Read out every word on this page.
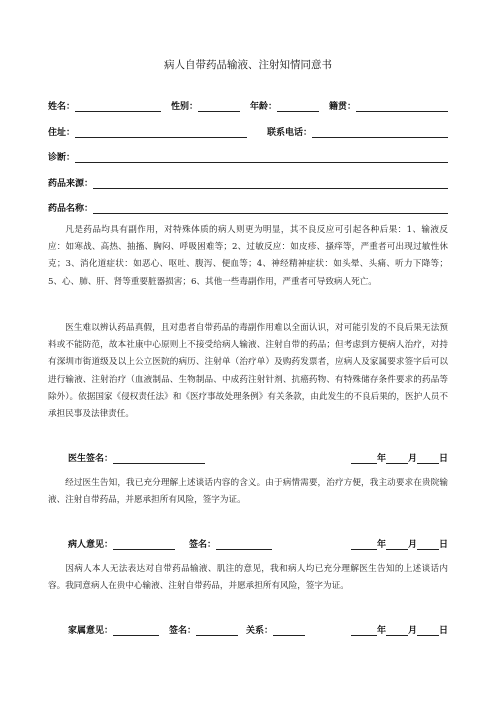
病人自带药品输液、注射知情同意书
姓名：	性别：	年龄：	籍贯：
住址：	联系电话：
诊断：
药品来源：
药品名称：

凡是药品均具有副作用，对特殊体质的病人则更为明显，其不良反应可引起各种后果：1、输液反应：如寒战、高热、抽搐、胸闷、呼吸困难等；2、过敏反应：如皮疹、搔痒等，严重者可出现过敏性休克；3、消化道症状：如恶心、呕吐、腹泻、便血等；4、神经精神症状：如头晕、头痛、听力下降等；5、心、肺、肝、肾等重要脏器损害；6、其他一些毒副作用，严重者可导致病人死亡。

医生难以辨认药品真假，且对患者自带药品的毒副作用难以全面认识，对可能引发的不良后果无法预料或不能防范，故本社康中心原则上不接受给病人输液、注射自带的药品；但考虑到方便病人治疗，对持有深圳市街道级及以上公立医院的病历、注射单（治疗单）及购药发票者，应病人及家属要求签字后可以进行输液、注射治疗（血液制品、生物制品、中成药注射针剂、抗癌药物、有特殊储存条件要求的药品等除外）。依据国家《侵权责任法》和《医疗事故处理条例》有关条款，由此发生的不良后果的，医护人员不承担民事及法律责任。

医生签名：	年 月 日

经过医生告知，我已充分理解上述谈话内容的含义。由于病情需要，治疗方便，我主动要求在贵院输液、注射自带药品，并愿承担所有风险，签字为证。

病人意见：	签名：	年 月 日

因病人本人无法表达对自带药品输液、肌注的意见，我和病人均已充分理解医生告知的上述谈话内容。我同意病人在贵中心输液、注射自带药品，并愿承担所有风险，签字为证。

家属意见：	签名：	关系：	年 月 日
